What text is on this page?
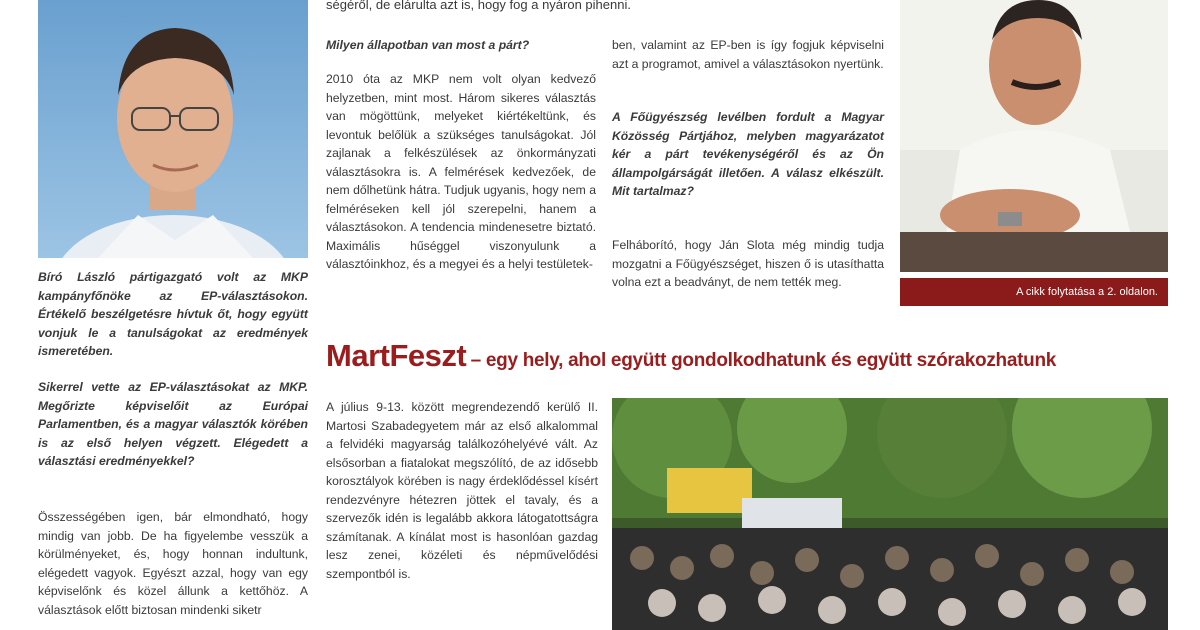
Bíró László pártigazgató volt az MKP kampányfőnöke az EP-választásokon. Értékelő beszélgetésre hívtuk őt, hogy együtt vonjuk le a tanulságokat az eredmények ismeretében.

Sikerrel vette az EP-választásokat az MKP. Megőrizte képviselőit az Európai Parlamentben, és a magyar választók körében is az első helyen végzett. Elégedett a választási eredményekkel?

Összességében igen, bár elmondható, hogy mindig van jobb. De ha figyelembe vesszük a körülményeket, és, hogy honnan indultunk, elégedett vagyok. Egyészt azzal, hogy van egy képviselőnk és közel állunk a kettőhöz. A választások előtt biztosan mindenki siketr

ségéről, de elárulta azt is, hogy fog a nyáron pihenni.

Milyen állapotban van most a párt?

2010 óta az MKP nem volt olyan kedvező helyzetben, mint most. Három sikeres választás van mögöttünk, melyeket kiértékeltünk, és levontuk belőlük a szükséges tanulságokat. Jól zajlanak a felkészülések az önkormányzati választásokra is. A felmérések kedvezőek, de nem dőlhetünk hátra. Tudjuk ugyanis, hogy nem a felméréseken kell jól szerepelni, hanem a választásokon. A tendencia mindenesetre biztató. Maximális hűséggel viszonyulunk a választóinkhoz, és a megyei és a helyi testületek-

ben, valamint az EP-ben is így fogjuk képviselni azt a programot, amivel a választásokon nyertünk.

A Főügyészség levélben fordult a Magyar Közösség Pártjához, melyben magyarázatot kér a párt tevékenységéről és az Ön állampolgárságát illetően. A válasz elkészült. Mit tartalmaz?

Felháborító, hogy Ján Slota még mindig tudja mozgatni a Főügyészséget, hiszen ő is utasíthatta volna ezt a beadványt, de nem tették meg.

A cikk folytatása a 2. oldalon.
MartFeszt – egy hely, ahol együtt gondolkodhatunk és együtt szórakozhatunk

A július 9-13. között megrendezendő kerülő II. Martosi Szabadegyetem már az első alkalommal a felvidéki magyarság találkozóhelyévé vált. Az elsősorban a fiatalokat megszólító, de az idősebb korosztályok körében is nagy érdeklődéssel kísért rendezvényre hétezren jöttek el tavaly, és a szervezők idén is legalább akkora látogatottságra számítanak. A kínálat most is hasonlóan gazdag lesz zenei, közéleti és népművelődési szempontból is.
